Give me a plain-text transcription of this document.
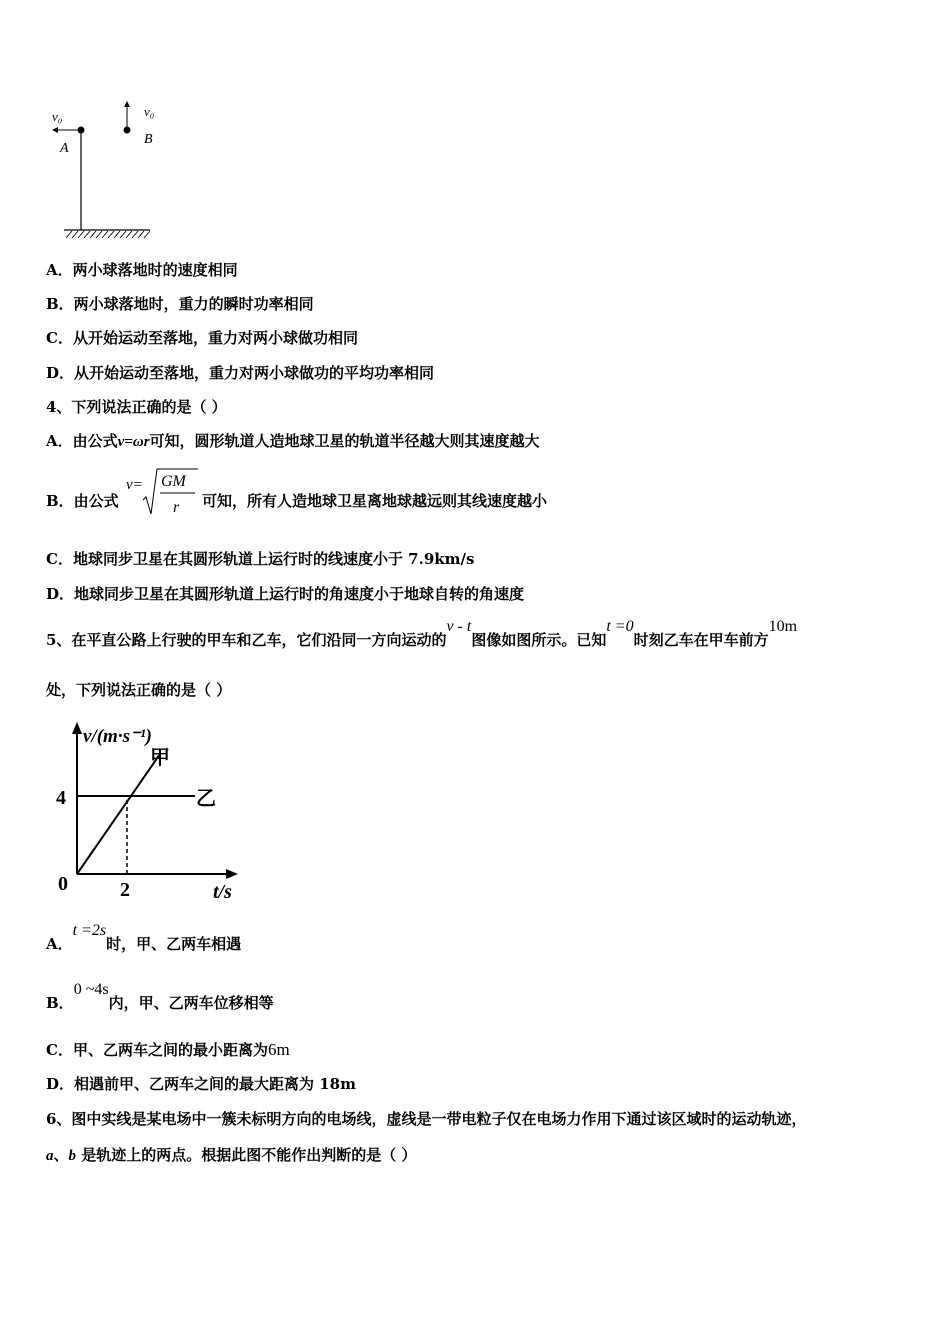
v₀
A
v₀
B
A．两小球落地时的速度相同
B．两小球落地时，重力的瞬时功率相同
C．从开始运动至落地，重力对两小球做功相同
D．从开始运动至落地，重力对两小球做功的平均功率相同
4、下列说法正确的是（ ）
A．由公式v=ωr可知，圆形轨道人造地球卫星的轨道半径越大则其速度越大
B．由公式
v= GM
r 可知，所有人造地球卫星离地球越远则其线速度越小
C．地球同步卫星在其圆形轨道上运行时的线速度小于 7.9km/s
D．地球同步卫星在其圆形轨道上运行时的角速度小于地球自转的角速度
5、在平直公路上行驶的甲车和乙车，它们沿同一方向运动的v - t图像如图所示。已知t =0时刻乙车在甲车前方10m
处，下列说法正确的是（ ）
v/(m·s⁻¹)
甲
乙
4
2
0	t/s
A．t =2s时，甲、乙两车相遇
B．0 ~4s内，甲、乙两车位移相等
C．甲、乙两车之间的最小距离为6m
D．相遇前甲、乙两车之间的最大距离为 18m
6、图中实线是某电场中一簇未标明方向的电场线，虚线是一带电粒子仅在电场力作用下通过该区域时的运动轨迹，
a、b 是轨迹上的两点。根据此图不能作出判断的是（ ）
